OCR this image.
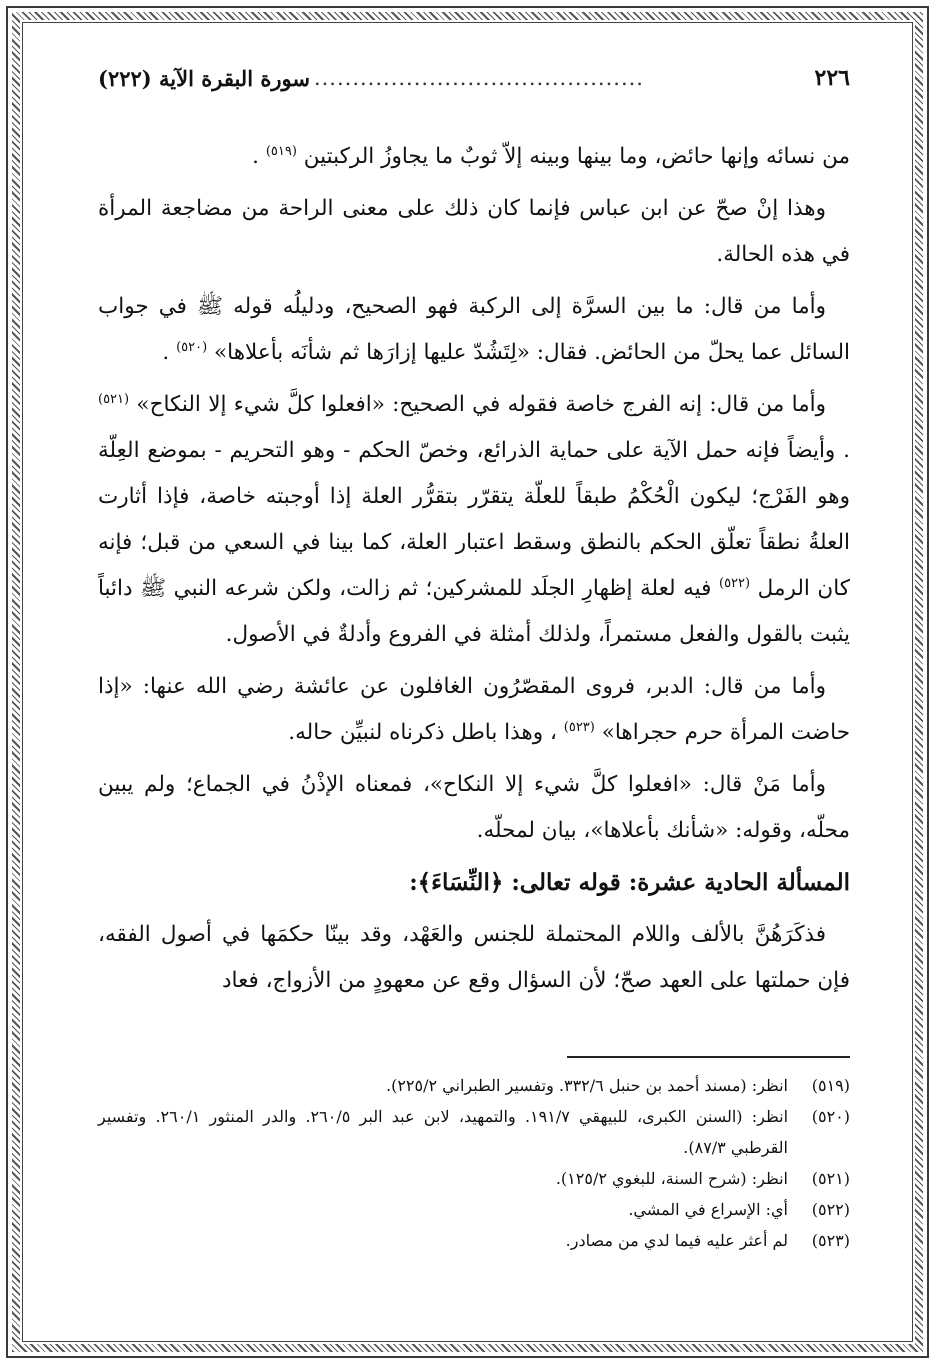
٢٢٦
...........................................
سورة البقرة الآية (٢٢٢)

من نسائه وإنها حائض، وما بينها وبينه إلاّ ثوبٌ ما يجاوزُ الركبتين $^{(٥١٩)}$ .

وهذا إنْ صحّ عن ابن عباس فإنما كان ذلك على معنى الراحة من مضاجعة المرأة في هذه الحالة.

وأما من قال: ما بين السرَّة إلى الركبة فهو الصحيح، ودليلُه قوله ﷺ في جواب السائل عما يحلّ من الحائض. فقال: «لِتَشُدّ عليها إزارَها ثم شأنَه بأعلاها» $^{(٥٢٠)}$ .

وأما من قال: إنه الفرج خاصة فقوله في الصحيح: «افعلوا كلَّ شيء إلا النكاح» $^{(٥٢١)}$ . وأيضاً فإنه حمل الآية على حماية الذرائع، وخصّ الحكم - وهو التحريم - بموضع العِلّة وهو الفَرْج؛ ليكون الْحُكْمُ طبقاً للعلّة يتقرّر بتقرُّر العلة إذا أوجبته خاصة، فإذا أثارت العلةُ نطقاً تعلّق الحكم بالنطق وسقط اعتبار العلة، كما بينا في السعي من قبل؛ فإنه كان الرمل $^{(٥٢٢)}$ فيه لعلة إظهارِ الجلَد للمشركين؛ ثم زالت، ولكن شرعه النبي ﷺ دائباً يثبت بالقول والفعل مستمراً، ولذلك أمثلة في الفروع وأدلةٌ في الأصول.

وأما من قال: الدبر، فروى المقصّرُون الغافلون عن عائشة رضي الله عنها: «إذا حاضت المرأة حرم حجراها» $^{(٥٢٣)}$ ، وهذا باطل ذكرناه لنبيِّن حاله.

وأما مَنْ قال: «افعلوا كلَّ شيء إلا النكاح»، فمعناه الإذْنُ في الجماع؛ ولم يبين محلّه، وقوله: «شأنك بأعلاها»، بيان لمحلّه.

المسألة الحادية عشرة: قوله تعالى: ﴿النِّسَاءَ﴾:

فذكَرَهُنَّ بالألف واللام المحتملة للجنس والعَهْد، وقد بينّا حكمَها في أصول الفقه، فإن حملتها على العهد صحّ؛ لأن السؤال وقع عن معهودٍ من الأزواج، فعاد

(٥١٩)
انظر: (مسند أحمد بن حنبل ٣٣٢/٦. وتفسير الطبراني ٢٢٥/٢).
(٥٢٠)
انظر: (السنن الكبرى، للبيهقي ١٩١/٧. والتمهيد، لابن عبد البر ٢٦٠/٥. والدر المنثور ٢٦٠/١. وتفسير القرطبي ٨٧/٣).
(٥٢١)
انظر: (شرح السنة، للبغوي ١٢٥/٢).
(٥٢٢)
أي: الإسراع في المشي.
(٥٢٣)
لم أعثر عليه فيما لدي من مصادر.
